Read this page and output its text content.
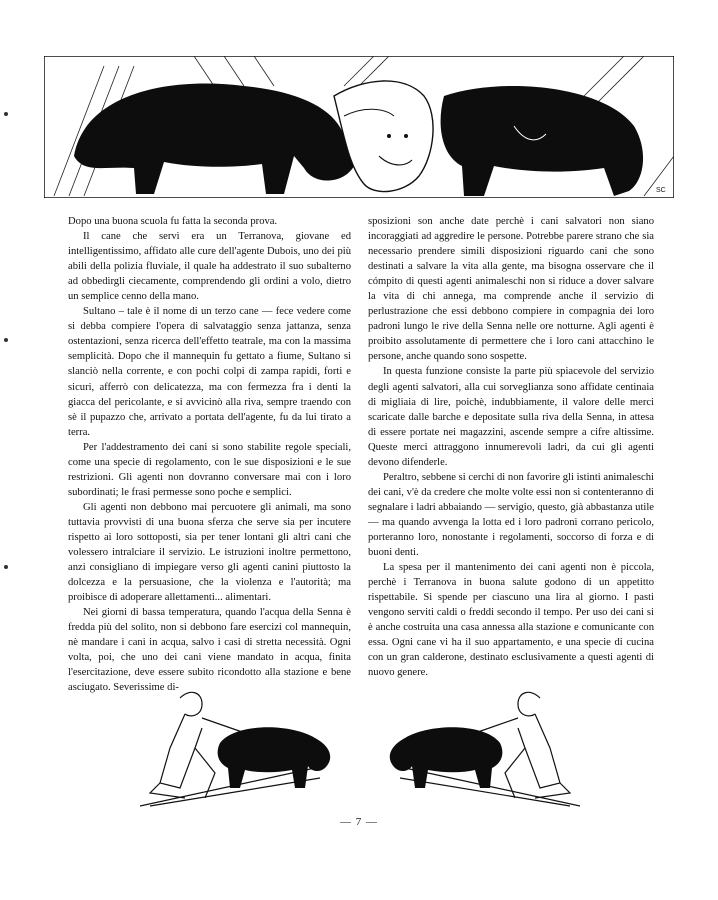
SC

Dopo una buona scuola fu fatta la seconda prova.

Il cane che servì era un Terranova, giovane ed intelligentissimo, affidato alle cure dell'agente Dubois, uno dei più abili della polizia fluviale, il quale ha addestrato il suo subalterno ad obbedirgli ciecamente, comprendendo gli ordini a volo, dietro un semplice cenno della mano.

Sultano – tale è il nome di un terzo cane — fece vedere come si debba compiere l'opera di salvataggio senza jattanza, senza ostentazioni, senza ricerca dell'effetto teatrale, ma con la massima semplicità. Dopo che il mannequin fu gettato a fiume, Sultano si slanciò nella corrente, e con pochi colpi di zampa rapidi, forti e sicuri, afferrò con delicatezza, ma con fermezza fra i denti la giacca del pericolante, e si avvicinò alla riva, sempre traendo con sè il pupazzo che, arrivato a portata dell'agente, fu da lui tirato a terra.

Per l'addestramento dei cani si sono stabilite regole speciali, come una specie di regolamento, con le sue disposizioni e le sue restrizioni. Gli agenti non dovranno conversare mai con i loro subordinati; le frasi permesse sono poche e semplici.

Gli agenti non debbono mai percuotere gli animali, ma sono tuttavia provvisti di una buona sferza che serve sia per incutere rispetto ai loro sottoposti, sia per tener lontani gli altri cani che volessero intralciare il servizio. Le istruzioni inoltre permettono, anzi consigliano di impiegare verso gli agenti canini piuttosto la dolcezza e la persuasione, che la violenza e l'autorità; ma proibisce di adoperare allettamenti... alimentari.

Nei giorni di bassa temperatura, quando l'acqua della Senna è fredda più del solito, non si debbono fare esercizi col mannequin, nè mandare i cani in acqua, salvo i casi di stretta necessità. Ogni volta, poi, che uno dei cani viene mandato in acqua, finita l'esercitazione, deve essere subito ricondotto alla stazione e bene asciugato. Severissime di-

sposizioni son anche date perchè i cani salvatori non siano incoraggiati ad aggredire le persone. Potrebbe parere strano che sia necessario prendere simili disposizioni riguardo cani che sono destinati a salvare la vita alla gente, ma bisogna osservare che il cómpito di questi agenti animaleschi non si riduce a dover salvare la vita di chi annega, ma comprende anche il servizio di perlustrazione che essi debbono compiere in compagnia dei loro padroni lungo le rive della Senna nelle ore notturne. Agli agenti è proibito assolutamente di permettere che i loro cani attacchino le persone, anche quando sono sospette.

In questa funzione consiste la parte più spiacevole del servizio degli agenti salvatori, alla cui sorveglianza sono affidate centinaia di migliaia di lire, poichè, indubbiamente, il valore delle merci scaricate dalle barche e depositate sulla riva della Senna, in attesa di essere portate nei magazzini, ascende sempre a cifre altissime. Queste merci attraggono innumerevoli ladri, da cui gli agenti devono difenderle.

Peraltro, sebbene si cerchi di non favorire gli istinti animaleschi dei cani, v'è da credere che molte volte essi non si contenteranno di segnalare i ladri abbaiando — servigio, questo, già abbastanza utile — ma quando avvenga la lotta ed i loro padroni corrano pericolo, porteranno loro, nonostante i regolamenti, soccorso di forza e di buoni denti.

La spesa per il mantenimento dei cani agenti non è piccola, perchè i Terranova in buona salute godono di un appetitto rispettabile. Si spende per ciascuno una lira al giorno. I pasti vengono serviti caldi o freddi secondo il tempo. Per uso dei cani si è anche costruita una casa annessa alla stazione e comunicante con essa. Ogni cane vi ha il suo appartamento, e una specie di cucina con un gran calderone, destinato esclusivamente a questi agenti di nuovo genere.

— 7 —
